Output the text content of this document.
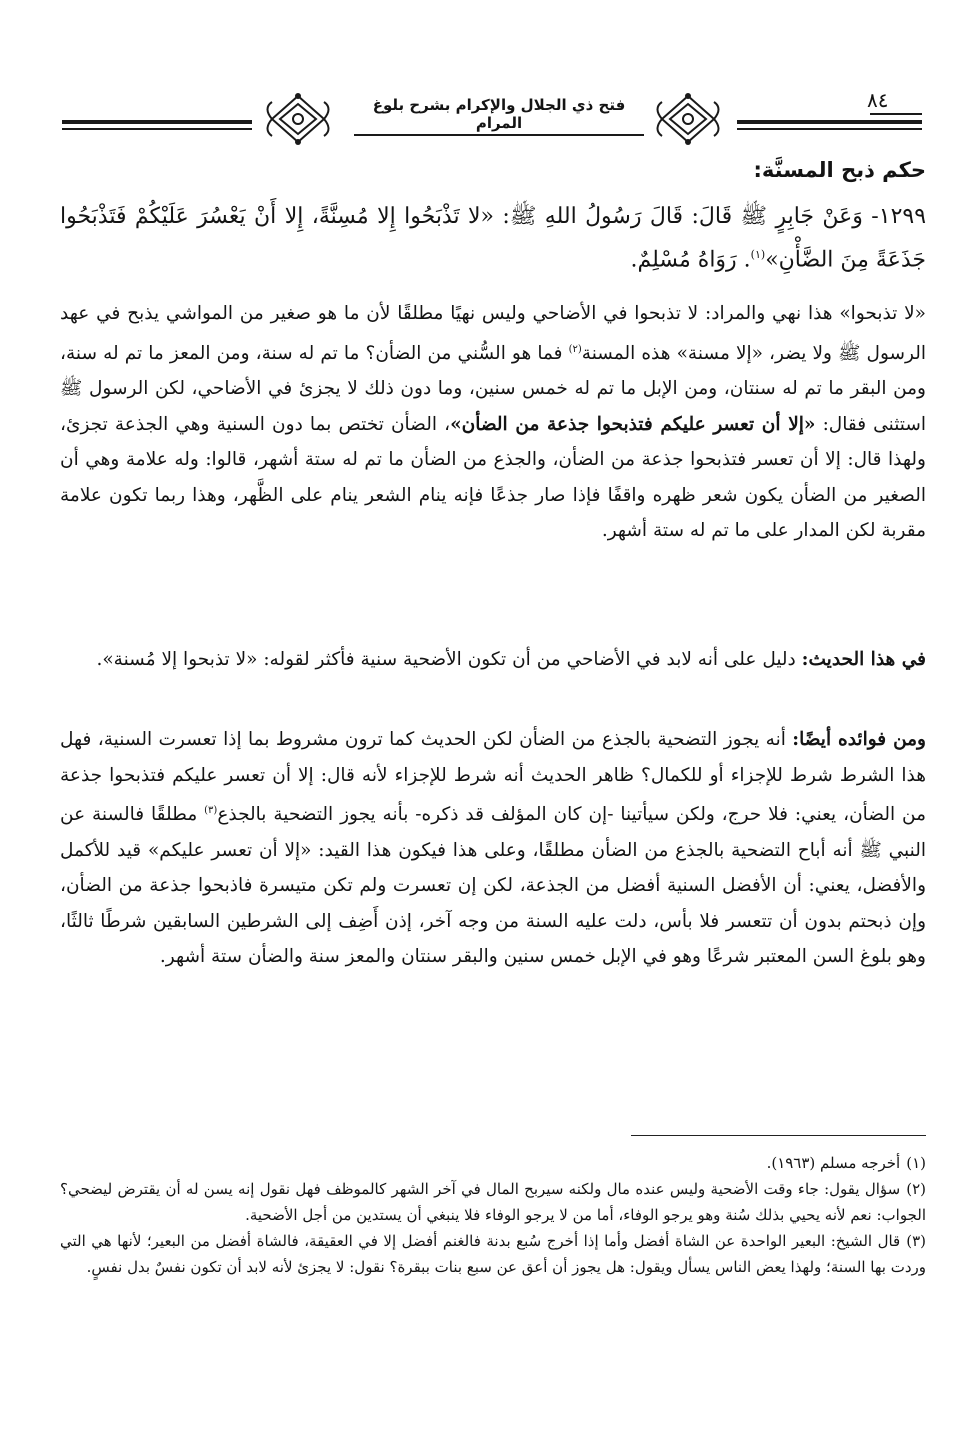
فتح ذي الجلال والإكرام بشرح بلوغ المرام
٨٤
حكم ذبح المسنَّة:
١٢٩٩- وَعَنْ جَابِرٍ ﷺ قَالَ: قَالَ رَسُولُ اللهِ ﷺ: «لا تَذْبَحُوا إِلا مُسِنَّةً، إِلا أَنْ يَعْسُرَ عَلَيْكُمْ فَتَذْبَحُوا جَذَعَةً مِنَ الضَّأْنِ»$^{(١)}$. رَوَاهُ مُسْلِمٌ.

«لا تذبحوا» هذا نهي والمراد: لا تذبحوا في الأضاحي وليس نهيًا مطلقًا لأن ما هو صغير من المواشي يذبح في عهد الرسول ﷺ ولا يضر، «إلا مسنة» هذه المسنة$^{(٢)}$ فما هو السُّني من الضأن؟ ما تم له سنة، ومن المعز ما تم له سنة، ومن البقر ما تم له سنتان، ومن الإبل ما تم له خمس سنين، وما دون ذلك لا يجزئ في الأضاحي، لكن الرسول ﷺ استثنى فقال: «إلا أن تعسر عليكم فتذبحوا جذعة من الضأن»، الضأن تختص بما دون السنية وهي الجذعة تجزئ، ولهذا قال: إلا أن تعسر فتذبحوا جذعة من الضأن، والجذع من الضأن ما تم له ستة أشهر، قالوا: وله علامة وهي أن الصغير من الضأن يكون شعر ظهره واقفًا فإذا صار جذعًا فإنه ينام الشعر ينام على الظَّهر، وهذا ربما تكون علامة مقربة لكن المدار على ما تم له ستة أشهر.

في هذا الحديث: دليل على أنه لابد في الأضاحي من أن تكون الأضحية سنية فأكثر لقوله: «لا تذبحوا إلا مُسنة».

ومن فوائده أيضًا: أنه يجوز التضحية بالجذع من الضأن لكن الحديث كما ترون مشروط بما إذا تعسرت السنية، فهل هذا الشرط شرط للإجزاء أو للكمال؟ ظاهر الحديث أنه شرط للإجزاء لأنه قال: إلا أن تعسر عليكم فتذبحوا جذعة من الضأن، يعني: فلا حرج، ولكن سيأتينا -إن كان المؤلف قد ذكره- بأنه يجوز التضحية بالجذع$^{(٣)}$ مطلقًا فالسنة عن النبي ﷺ أنه أباح التضحية بالجذع من الضأن مطلقًا، وعلى هذا فيكون هذا القيد: «إلا أن تعسر عليكم» قيد للأكمل والأفضل، يعني: أن الأفضل السنية أفضل من الجذعة، لكن إن تعسرت ولم تكن متيسرة فاذبحوا جذعة من الضأن، وإن ذبحتم بدون أن تتعسر فلا بأس، دلت عليه السنة من وجه آخر، إذن أَضِف إلى الشرطين السابقين شرطًا ثالثًا، وهو بلوغ السن المعتبر شرعًا وهو في الإبل خمس سنين والبقر سنتان والمعز سنة والضأن ستة أشهر.

(١)أخرجه مسلم (١٩٦٣).

(٢)سؤال يقول: جاء وقت الأضحية وليس عنده مال ولكنه سيربح المال في آخر الشهر كالموظف فهل نقول إنه يسن له أن يقترض ليضحي؟ الجواب: نعم لأنه يحيي بذلك سُنة وهو يرجو الوفاء، أما من لا يرجو الوفاء فلا ينبغي أن يستدين من أجل الأضحية.

(٣)قال الشيخ: البعير الواحدة عن الشاة أفضل وأما إذا أخرج سُبع بدنة فالغنم أفضل إلا في العقيقة، فالشاة أفضل من البعير؛ لأنها هي التي وردت بها السنة؛ ولهذا يعض الناس يسأل ويقول: هل يجوز أن أعق عن سبع بنات ببقرة؟ نقول: لا يجزئ لأنه لابد أن تكون نفسٌ بدل نفسٍ.
